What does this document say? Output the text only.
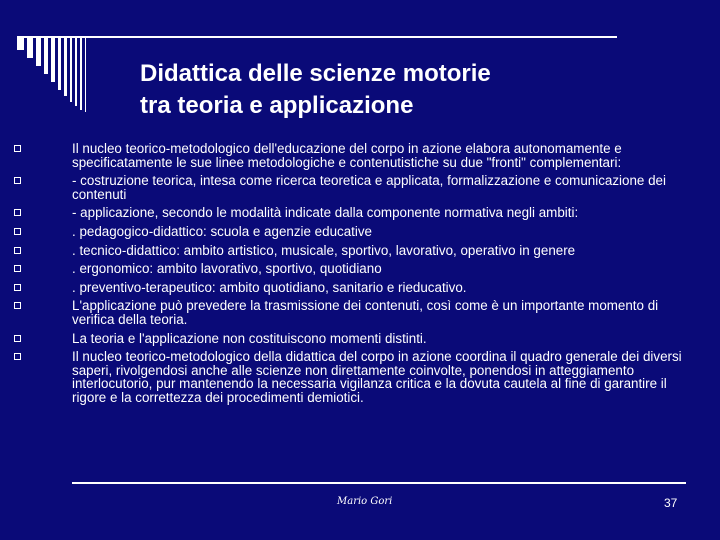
Didattica delle scienze motorie
tra teoria e applicazione
Il nucleo teorico-metodologico dell'educazione del corpo in azione elabora autonomamente e specificatamente le sue linee metodologiche e contenutistiche su due "fronti" complementari:
- costruzione teorica, intesa come ricerca teoretica e applicata, formalizzazione e comunicazione dei contenuti
- applicazione, secondo le modalità indicate dalla componente normativa negli ambiti:
. pedagogico-didattico: scuola e agenzie educative
. tecnico-didattico: ambito artistico, musicale, sportivo, lavorativo, operativo in genere
. ergonomico: ambito lavorativo, sportivo, quotidiano
. preventivo-terapeutico: ambito quotidiano, sanitario e rieducativo.
L'applicazione può prevedere la trasmissione dei contenuti, così come è un importante momento di verifica della teoria.
La teoria e l'applicazione non costituiscono momenti distinti.
Il nucleo teorico-metodologico della didattica del corpo in azione coordina il quadro generale dei diversi saperi, rivolgendosi anche alle scienze non direttamente coinvolte, ponendosi in atteggiamento interlocutorio, pur mantenendo la necessaria vigilanza critica e la dovuta cautela al fine di garantire il rigore e la correttezza dei procedimenti demiotici.
Mario Gori	37
